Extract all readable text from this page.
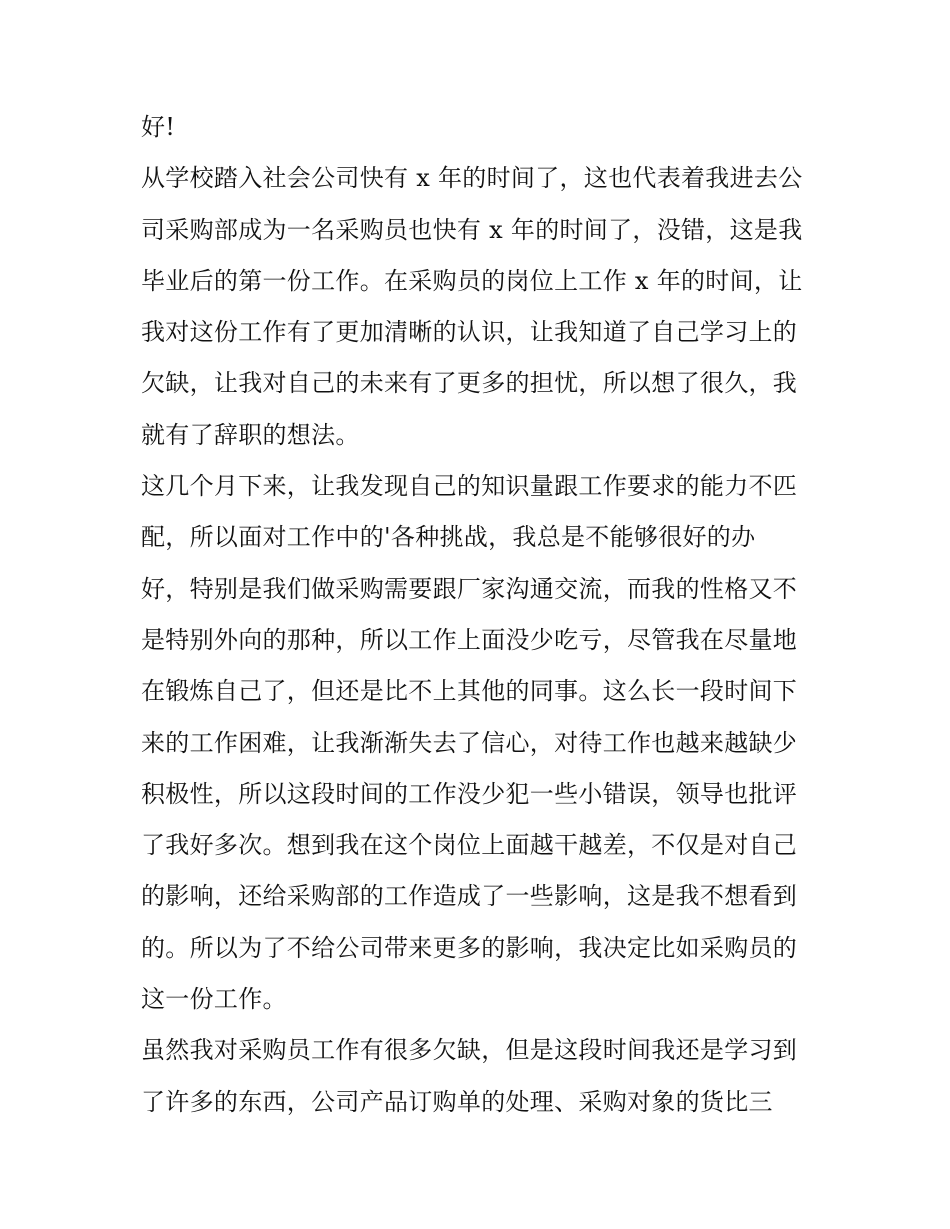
好!
从学校踏入社会公司快有 x 年的时间了，这也代表着我进去公
司采购部成为一名采购员也快有 x 年的时间了，没错，这是我
毕业后的第一份工作。在采购员的岗位上工作 x 年的时间，让
我对这份工作有了更加清晰的认识，让我知道了自己学习上的
欠缺，让我对自己的未来有了更多的担忧，所以想了很久，我
就有了辞职的想法。
这几个月下来，让我发现自己的知识量跟工作要求的能力不匹
配，所以面对工作中的'各种挑战，我总是不能够很好的办
好，特别是我们做采购需要跟厂家沟通交流，而我的性格又不
是特别外向的那种，所以工作上面没少吃亏，尽管我在尽量地
在锻炼自己了，但还是比不上其他的同事。这么长一段时间下
来的工作困难，让我渐渐失去了信心，对待工作也越来越缺少
积极性，所以这段时间的工作没少犯一些小错误，领导也批评
了我好多次。想到我在这个岗位上面越干越差，不仅是对自己
的影响，还给采购部的工作造成了一些影响，这是我不想看到
的。所以为了不给公司带来更多的影响，我决定比如采购员的
这一份工作。
虽然我对采购员工作有很多欠缺，但是这段时间我还是学习到
了许多的东西，公司产品订购单的处理、采购对象的货比三
